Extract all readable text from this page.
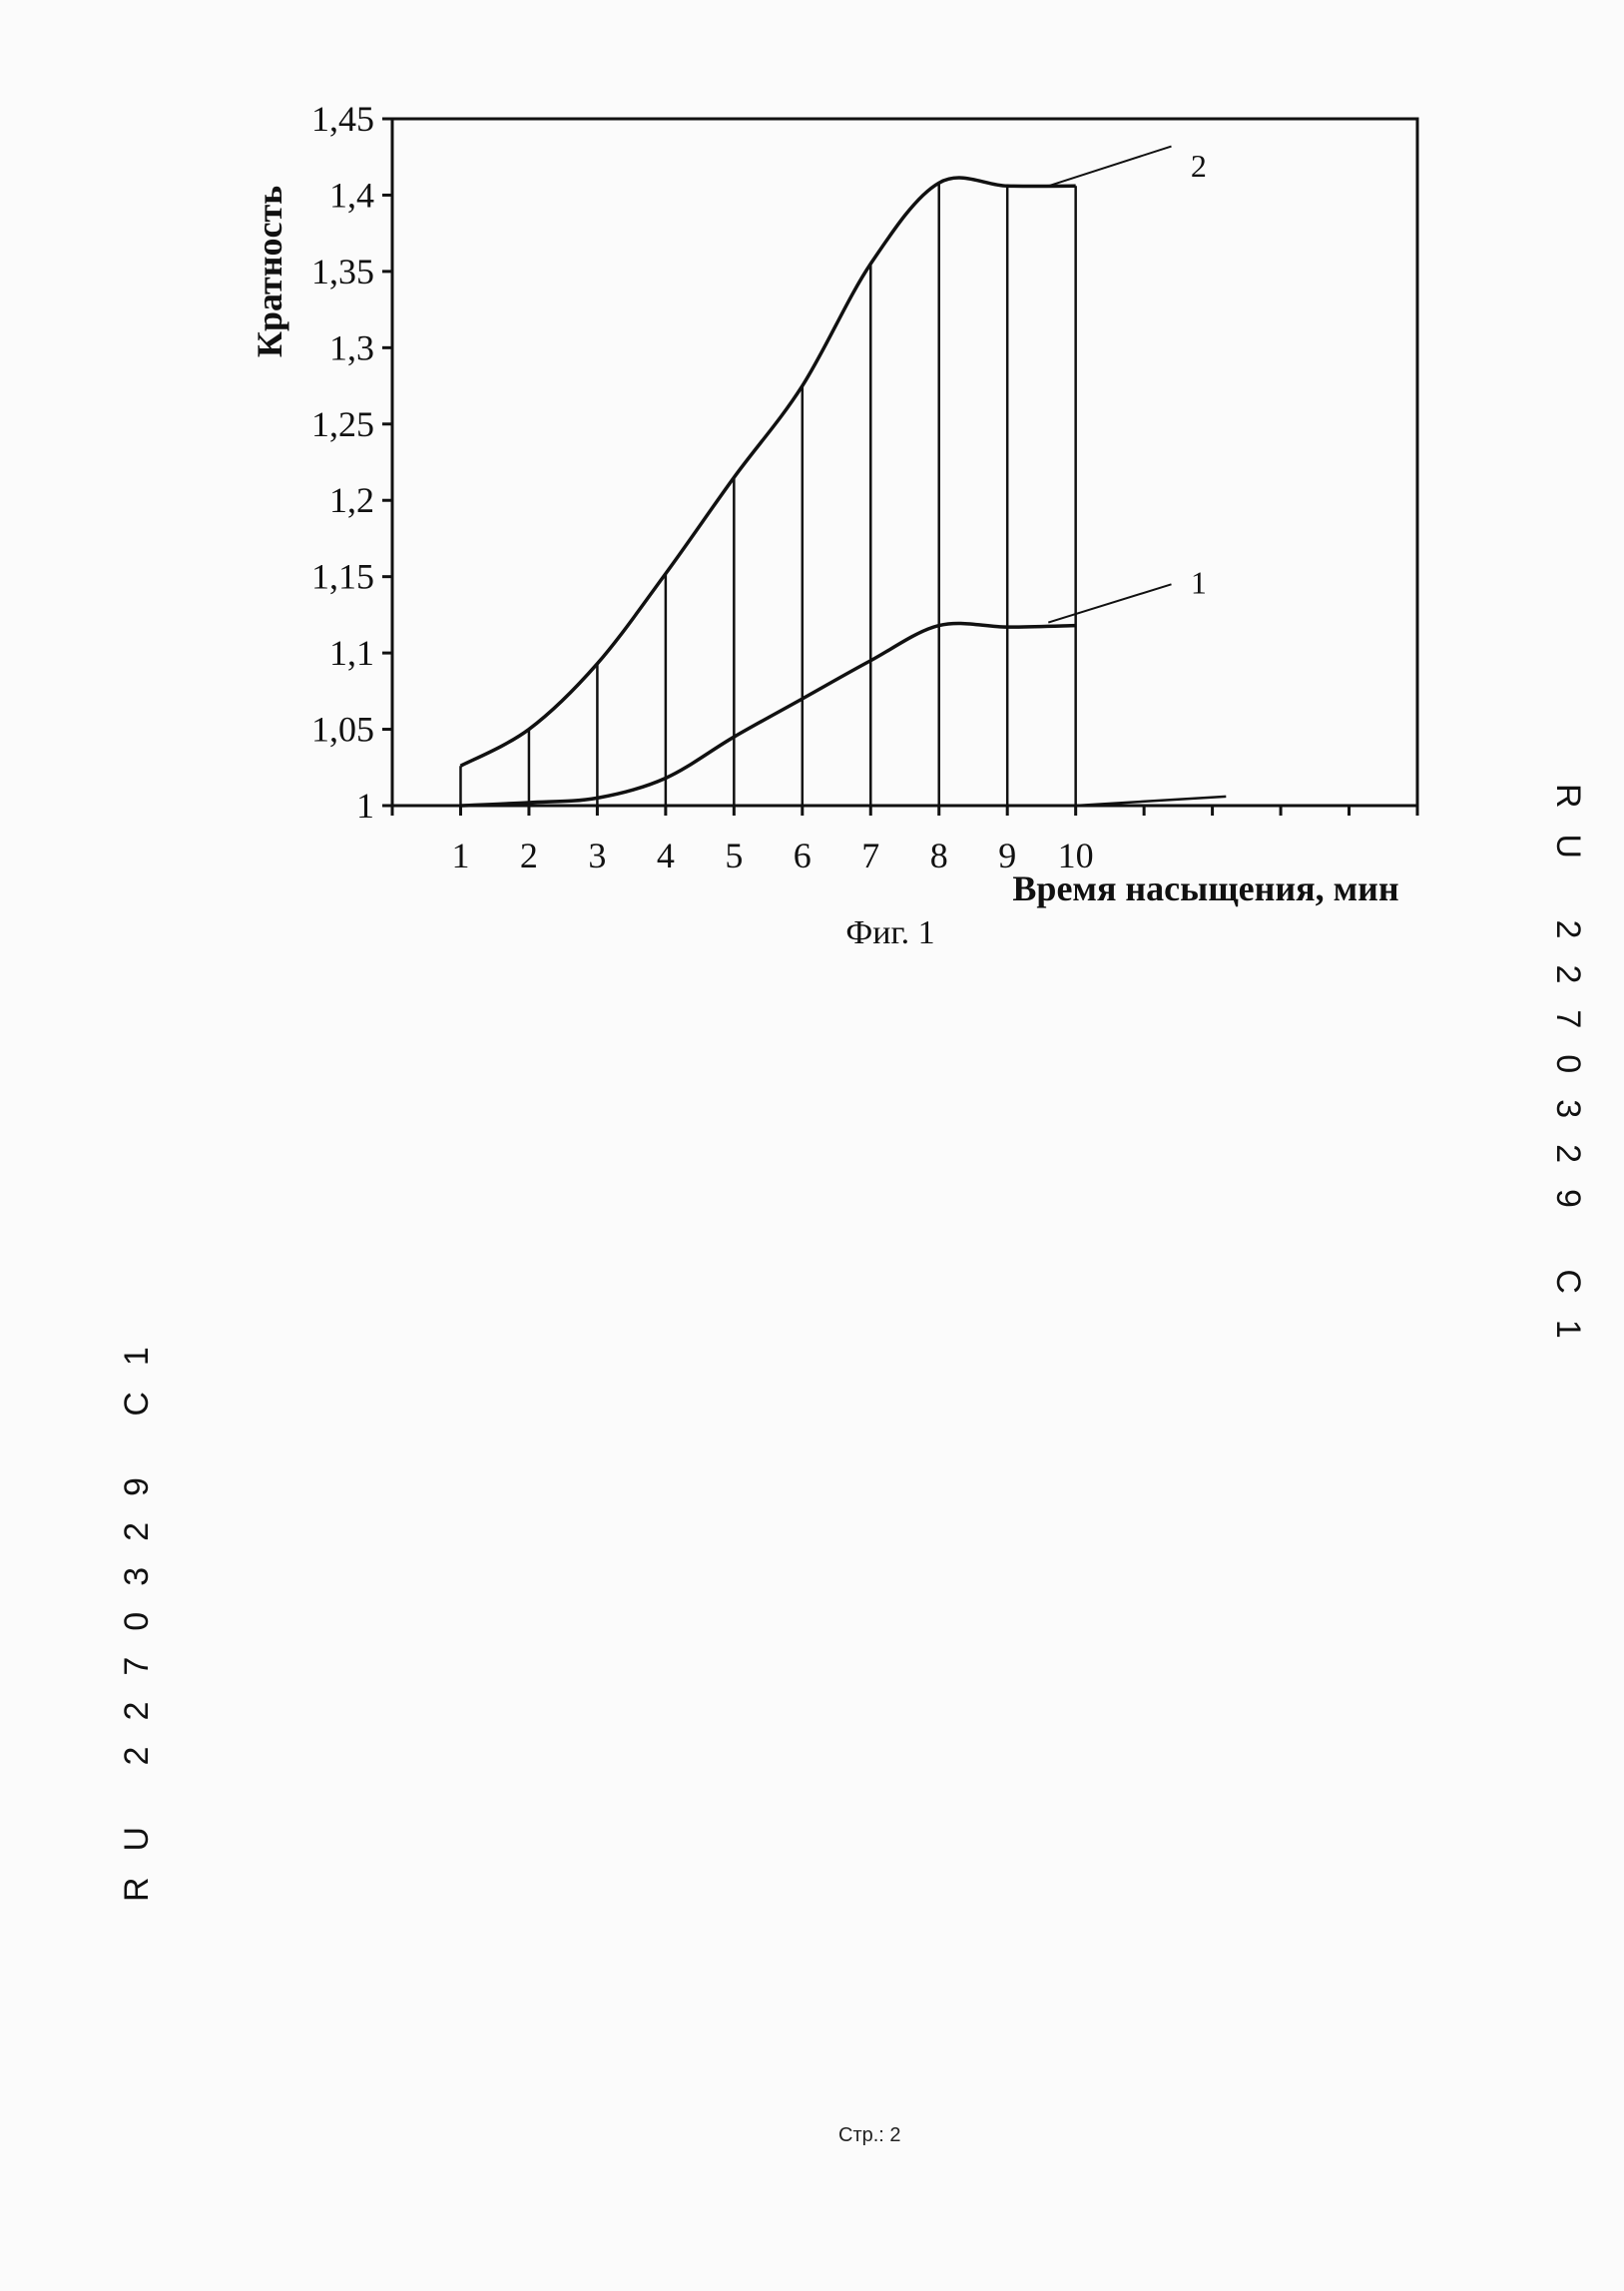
1
1,05
1,1
1,15
1,2
1,25
1,3
1,35
1,4
1,45
1 2 3 4 5 6 7 8 9 10
2
1
Кратность
Время насыщения, мин
Фиг. 1
RU 2270329 C1
RU 2270329 C1
Стр.: 2
